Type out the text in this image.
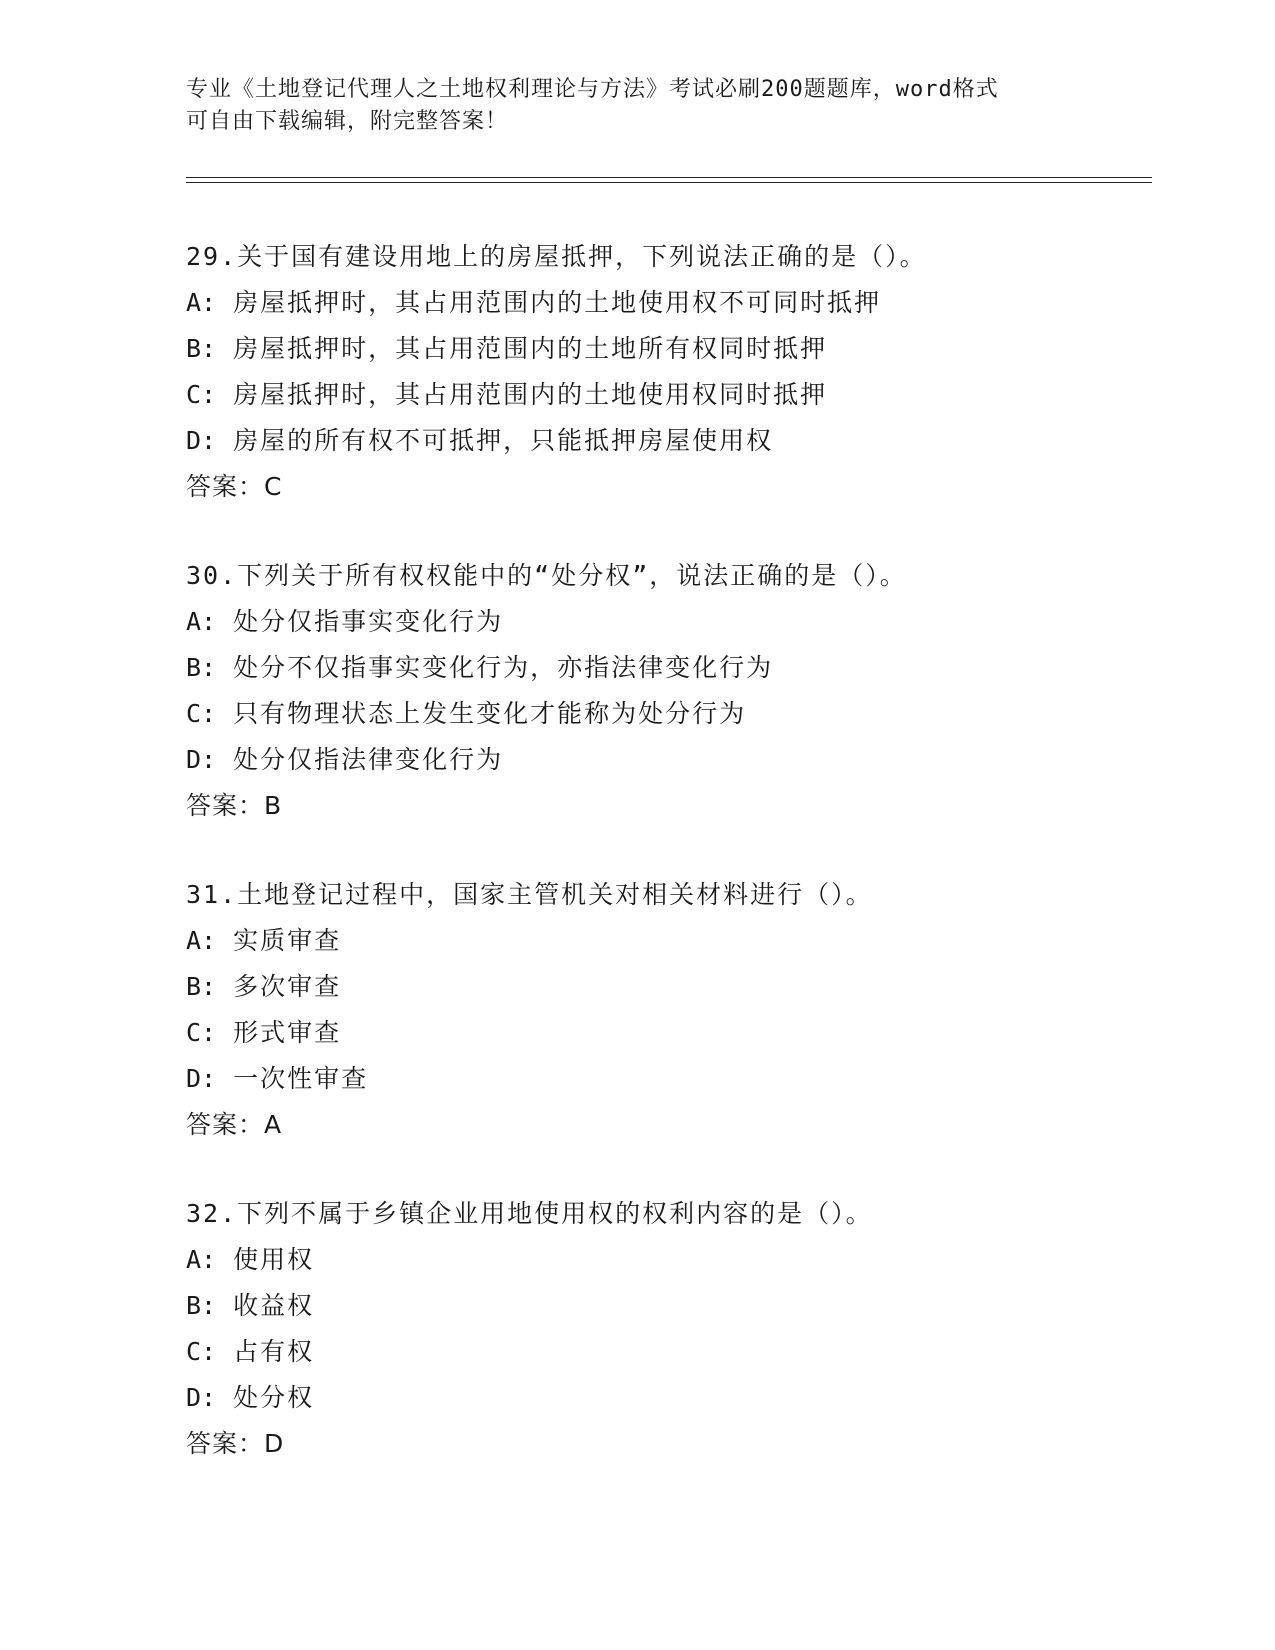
专业《土地登记代理人之土地权利理论与方法》考试必刷200题题库，word格式
可自由下载编辑，附完整答案！
29.关于国有建设用地上的房屋抵押，下列说法正确的是（）。
A: 房屋抵押时，其占用范围内的土地使用权不可同时抵押
B: 房屋抵押时，其占用范围内的土地所有权同时抵押
C: 房屋抵押时，其占用范围内的土地使用权同时抵押
D: 房屋的所有权不可抵押，只能抵押房屋使用权
答案：C
30.下列关于所有权权能中的“处分权”，说法正确的是（）。
A: 处分仅指事实变化行为
B: 处分不仅指事实变化行为，亦指法律变化行为
C: 只有物理状态上发生变化才能称为处分行为
D: 处分仅指法律变化行为
答案：B
31.土地登记过程中，国家主管机关对相关材料进行（）。
A: 实质审查
B: 多次审查
C: 形式审查
D: 一次性审查
答案：A
32.下列不属于乡镇企业用地使用权的权利内容的是（）。
A: 使用权
B: 收益权
C: 占有权
D: 处分权
答案：D
